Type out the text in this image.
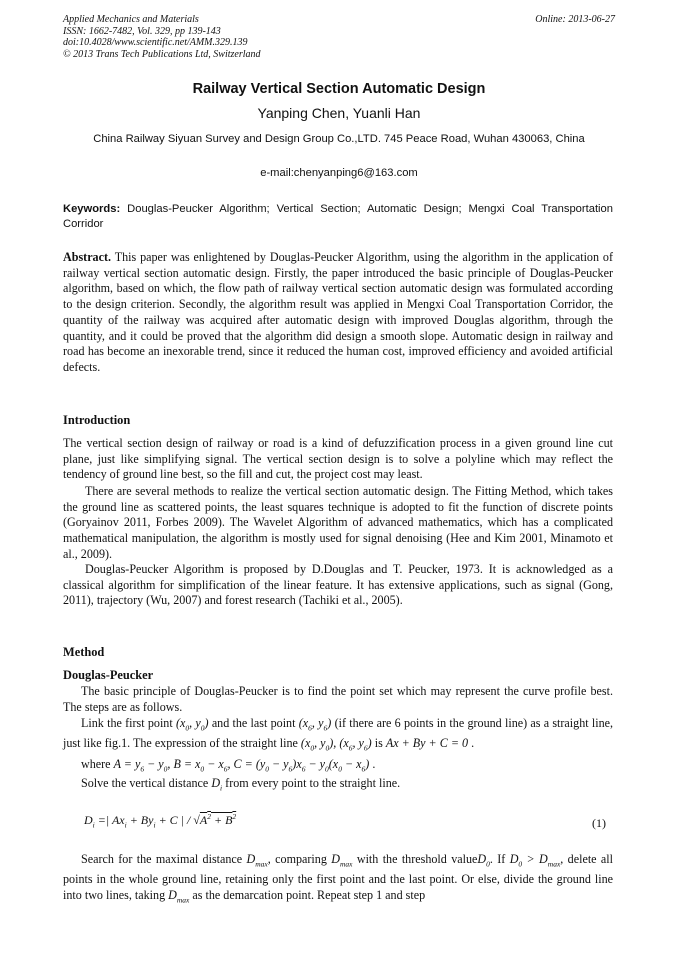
Applied Mechanics and Materials
ISSN: 1662-7482, Vol. 329, pp 139-143
doi:10.4028/www.scientific.net/AMM.329.139
© 2013 Trans Tech Publications Ltd, Switzerland
Online: 2013-06-27
Railway Vertical Section Automatic Design
Yanping Chen, Yuanli Han
China Railway Siyuan Survey and Design Group Co.,LTD. 745 Peace Road, Wuhan 430063, China
e-mail:chenyanping6@163.com
Keywords: Douglas-Peucker Algorithm; Vertical Section; Automatic Design; Mengxi Coal Transportation Corridor
Abstract. This paper was enlightened by Douglas-Peucker Algorithm, using the algorithm in the application of railway vertical section automatic design. Firstly, the paper introduced the basic principle of Douglas-Peucker algorithm, based on which, the flow path of railway vertical section automatic design was formulated according to the design criterion. Secondly, the algorithm result was applied in Mengxi Coal Transportation Corridor, the quantity of the railway was acquired after automatic design with improved Douglas algorithm, through the quantity, and it could be proved that the algorithm did design a smooth slope. Automatic design in railway and road has become an inexorable trend, since it reduced the human cost, improved efficiency and avoided artificial defects.
Introduction
The vertical section design of railway or road is a kind of defuzzification process in a given ground line cut plane, just like simplifying signal. The vertical section design is to solve a polyline which may reflect the tendency of ground line best, so the fill and cut, the project cost may least.
There are several methods to realize the vertical section automatic design. The Fitting Method, which takes the ground line as scattered points, the least squares technique is adopted to fit the function of discrete points (Goryainov 2011, Forbes 2009). The Wavelet Algorithm of advanced mathematics, which has a complicated mathematical manipulation, the algorithm is mostly used for signal denoising (Hee and Kim 2001, Minamoto et al., 2009).
Douglas-Peucker Algorithm is proposed by D.Douglas and T. Peucker, 1973. It is acknowledged as a classical algorithm for simplification of the linear feature. It has extensive applications, such as signal (Gong, 2011), trajectory (Wu, 2007) and forest research (Tachiki et al., 2005).
Method
Douglas-Peucker
The basic principle of Douglas-Peucker is to find the point set which may represent the curve profile best. The steps are as follows.
Link the first point ($x_0$, $y_0$) and the last point ($x_6$, $y_6$) (if there are 6 points in the ground line) as a straight line, just like fig.1. The expression of the straight line ($x_0$, $y_0$), ($x_6$, $y_6$) is Ax + By + C = 0 .
where $A = y_6 - y_0$, $B = x_0 - x_6$, $C = (y_0 - y_6)x_6 - y_0(x_0 - x_6)$ .
Solve the vertical distance $D_i$ from every point to the straight line.
$D_i$ =| $Ax_i + By_i + C$ | / $√A^2 + B^2$	(1)
Search for the maximal distance $D_{max}$, comparing $D_{max}$ with the threshold valueD$_0$. If $D_0 > D_{max}$, delete all points in the whole ground line, retaining only the first point and the last point. Or else, divide the ground line into two lines, taking $D_{max}$ as the demarcation point. Repeat step 1 and step
